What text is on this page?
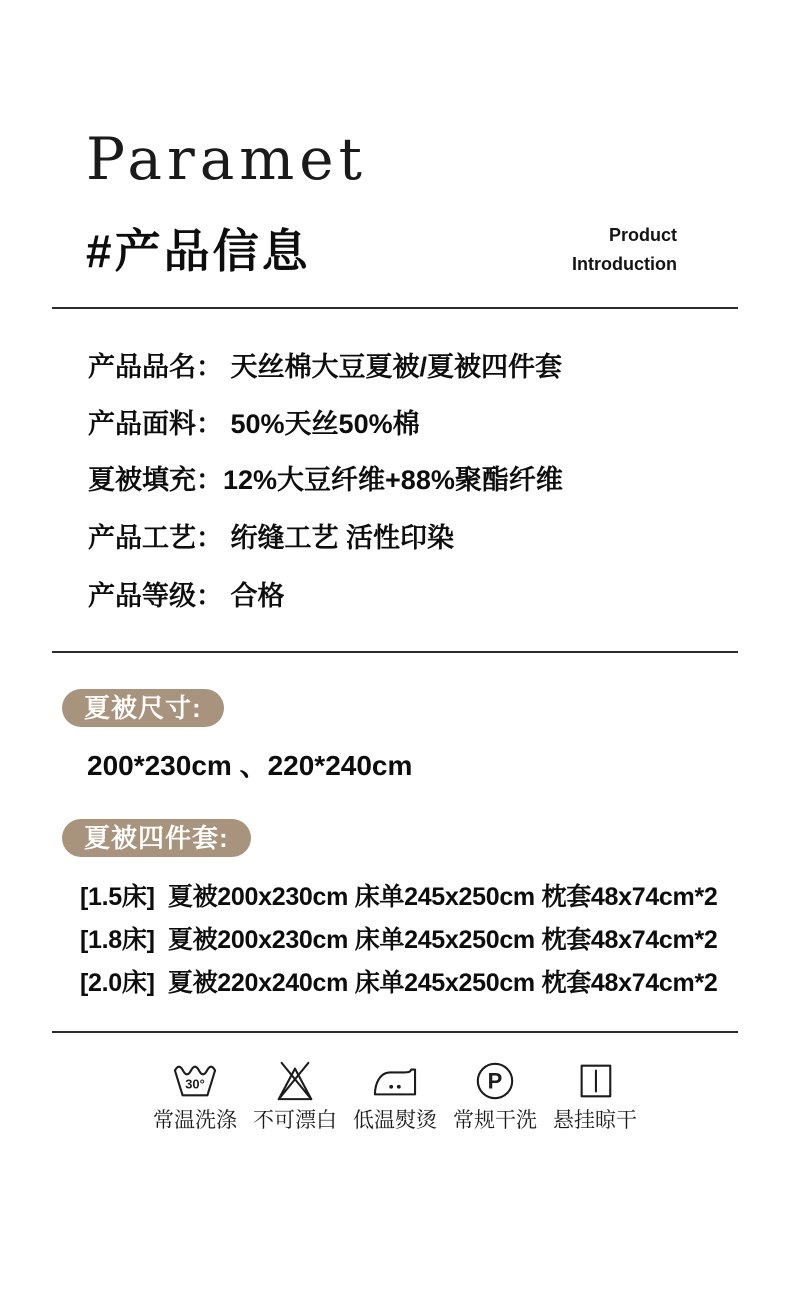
Paramet
#产品信息	Product
Introduction
产品品名： 天丝棉大豆夏被/夏被四件套
产品面料： 50%天丝50%棉
夏被填充：12%大豆纤维+88%聚酯纤维
产品工艺： 绗缝工艺 活性印染
产品等级： 合格
夏被尺寸:
200*230cm 、220*240cm
夏被四件套:
[1.5床]  夏被200x230cm 床单245x250cm 枕套48x74cm*2
[1.8床]  夏被200x230cm 床单245x250cm 枕套48x74cm*2
[2.0床]  夏被220x240cm 床单245x250cm 枕套48x74cm*2
30°
常温洗涤 不可漂白 低温熨烫
P
常规干洗 悬挂晾干
